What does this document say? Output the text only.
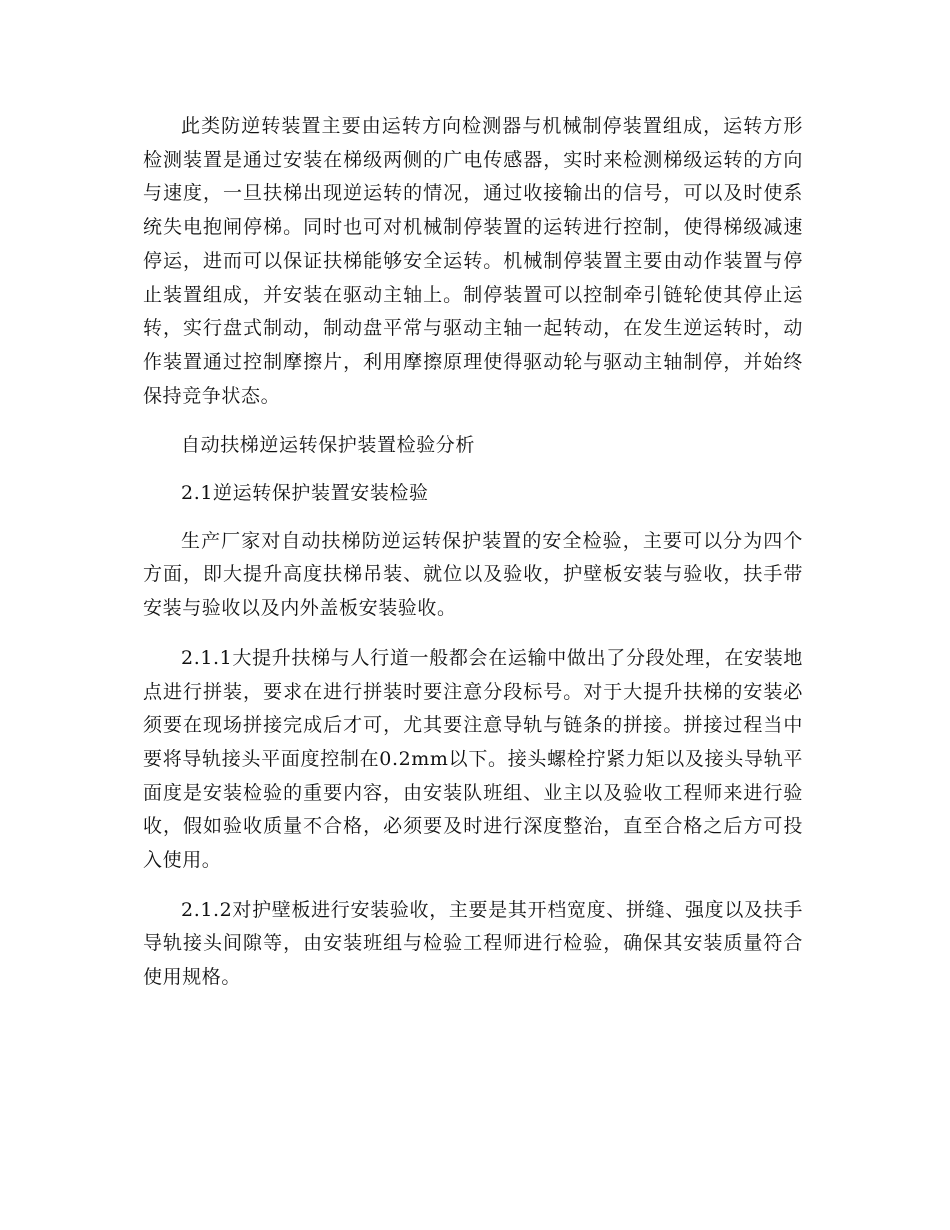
此类防逆转装置主要由运转方向检测器与机械制停装置组成，运转方形检测装置是通过安装在梯级两侧的广电传感器，实时来检测梯级运转的方向与速度，一旦扶梯出现逆运转的情况，通过收接输出的信号，可以及时使系统失电抱闸停梯。同时也可对机械制停装置的运转进行控制，使得梯级减速停运，进而可以保证扶梯能够安全运转。机械制停装置主要由动作装置与停止装置组成，并安装在驱动主轴上。制停装置可以控制牵引链轮使其停止运转，实行盘式制动，制动盘平常与驱动主轴一起转动，在发生逆运转时，动作装置通过控制摩擦片，利用摩擦原理使得驱动轮与驱动主轴制停，并始终保持竞争状态。

自动扶梯逆运转保护装置检验分析

2.1逆运转保护装置安装检验

生产厂家对自动扶梯防逆运转保护装置的安全检验，主要可以分为四个方面，即大提升高度扶梯吊装、就位以及验收，护壁板安装与验收，扶手带安装与验收以及内外盖板安装验收。

2.1.1大提升扶梯与人行道一般都会在运输中做出了分段处理，在安装地点进行拼装，要求在进行拼装时要注意分段标号。对于大提升扶梯的安装必须要在现场拼接完成后才可，尤其要注意导轨与链条的拼接。拼接过程当中要将导轨接头平面度控制在0.2mm以下。接头螺栓拧紧力矩以及接头导轨平面度是安装检验的重要内容，由安装队班组、业主以及验收工程师来进行验收，假如验收质量不合格，必须要及时进行深度整治，直至合格之后方可投入使用。

2.1.2对护壁板进行安装验收，主要是其开档宽度、拼缝、强度以及扶手导轨接头间隙等，由安装班组与检验工程师进行检验，确保其安装质量符合使用规格。
